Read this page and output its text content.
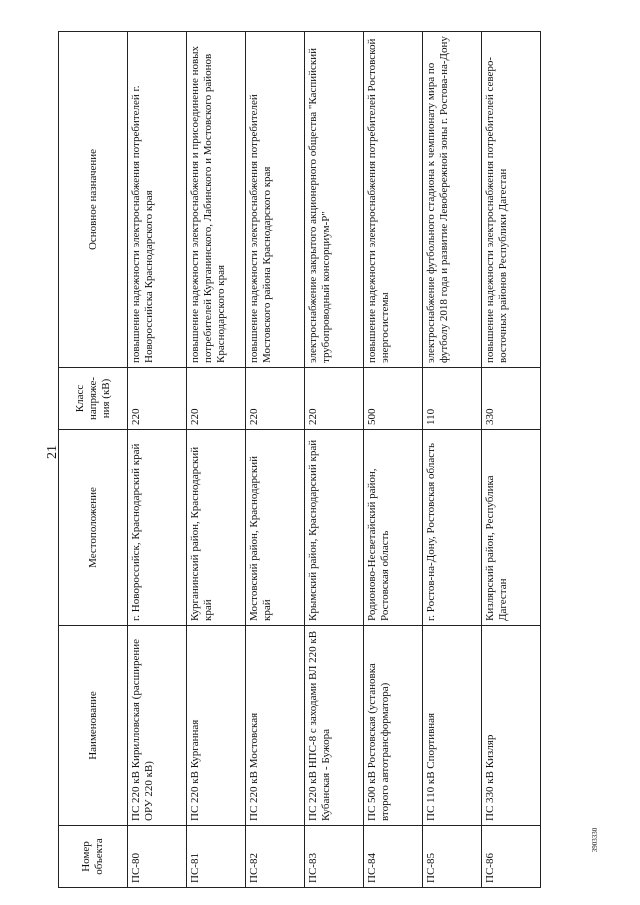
21
Номер объекта	Наименование	Местоположение	Класс напряже-ния (кВ)	Основное назначение
ПС-80	ПС 220 кВ Кирилловская (расширение ОРУ 220 кВ)	г. Новороссийск, Краснодарский край	220	повышение надежности электроснабжения потребителей г. Новороссийска Краснодарского края
ПС-81	ПС 220 кВ Курганная	Курганинский район, Краснодарский край	220	повышение надежности электроснабжения и присоединение новых потребителей Курганинского, Лабинского и Мостовского районов Краснодарского края
ПС-82	ПС 220 кВ Мостовская	Мостовский район, Краснодарский край	220	повышение надежности электроснабжения потребителей Мостовского района Краснодарского края
ПС-83	ПС 220 кВ НПС-8 с заходами ВЛ 220 кВ Кубанская - Бужора	Крымский район, Краснодарский край	220	электроснабжение закрытого акционерного общества "Каспийский трубопроводный консорциум-Р"
ПС-84	ПС 500 кВ Ростовская (установка второго автотрансформатора)	Родионово-Несветайский район, Ростовская область	500	повышение надежности электроснабжения потребителей Ростовской энергосистемы
ПС-85	ПС 110 кВ Спортивная	г. Ростов-на-Дону, Ростовская область	110	электроснабжение футбольного стадиона к чемпионату мира по футболу 2018 года и развитие Левобережной зоны г. Ростова-на-Дону
ПС-86	ПС 330 кВ Кизляр	Кизлярский район, Республика Дагестан	330	повышение надежности электроснабжения потребителей северо-восточных районов Республики Дагестан
3903330
